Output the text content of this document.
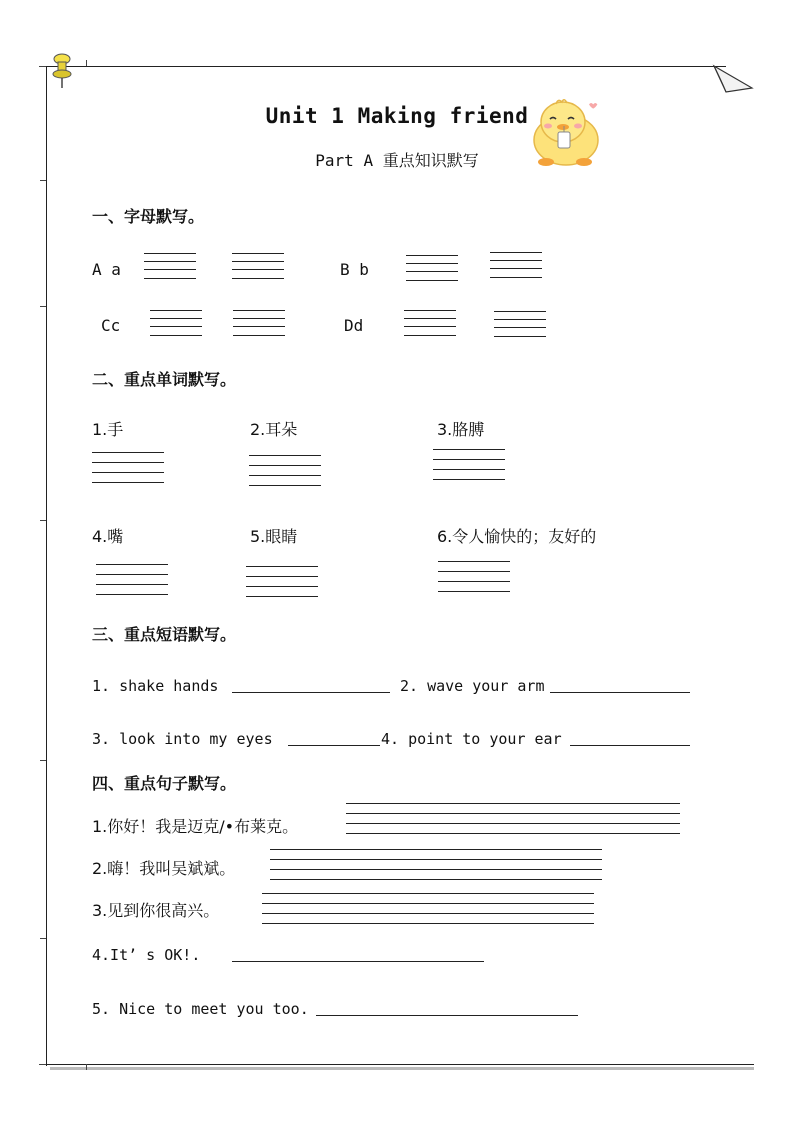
Unit 1 Making friend
Part A 重点知识默写
一、字母默写。
A a	B b
Cc	Dd
二、重点单词默写。
1.手	2.耳朵	3.胳膊
4.嘴	5.眼睛	6.令人愉快的；友好的
三、重点短语默写。
1. shake hands	2. wave your arm
3. look into my eyes	4. point to your ear
四、重点句子默写。
1.你好！我是迈克/•布莱克。
2.嗨！我叫吴斌斌。
3.见到你很高兴。
4.It’ s OK!.
5. Nice to meet you too.
